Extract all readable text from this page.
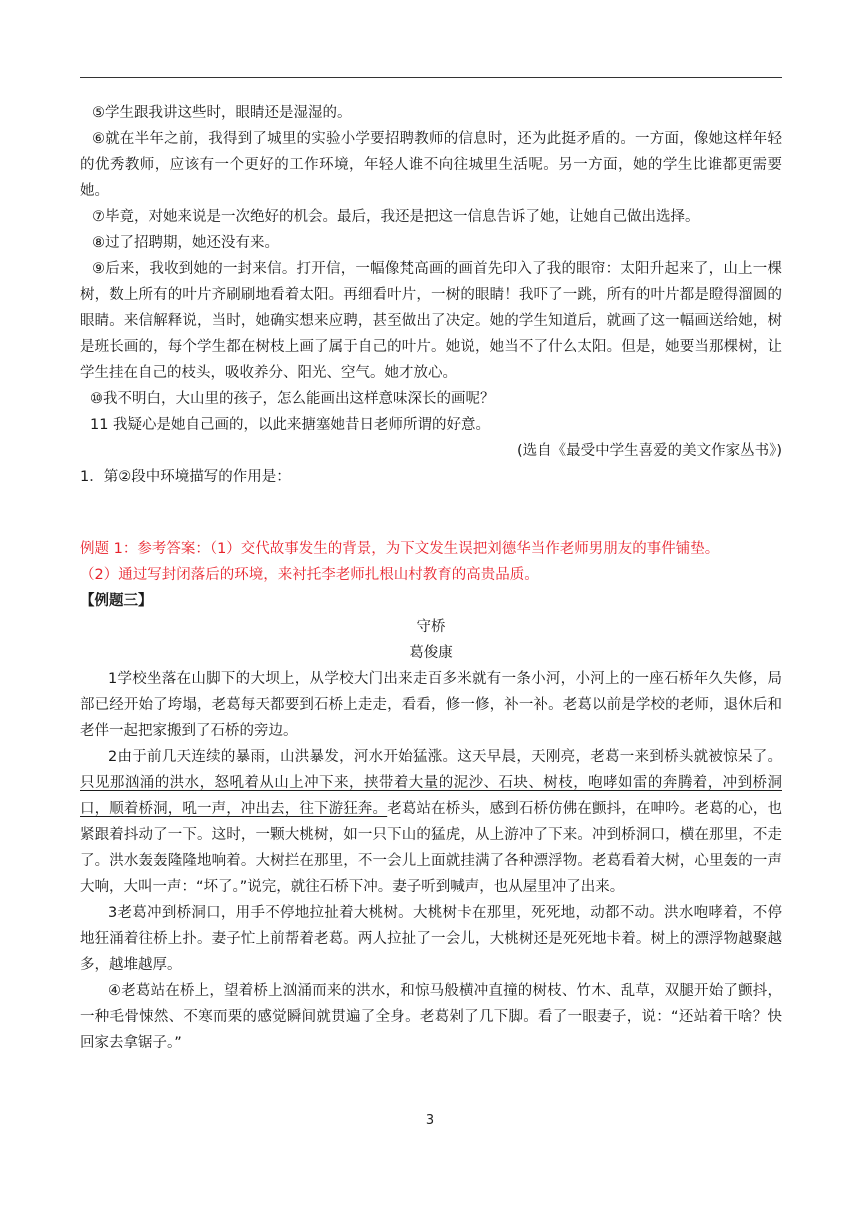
⑤学生跟我讲这些时，眼睛还是湿湿的。

⑥就在半年之前，我得到了城里的实验小学要招聘教师的信息时，还为此挺矛盾的。一方面，像她这样年轻的优秀教师，应该有一个更好的工作环境，年轻人谁不向往城里生活呢。另一方面，她的学生比谁都更需要她。

⑦毕竟，对她来说是一次绝好的机会。最后，我还是把这一信息告诉了她，让她自己做出选择。

⑧过了招聘期，她还没有来。

⑨后来，我收到她的一封来信。打开信，一幅像梵高画的画首先印入了我的眼帘：太阳升起来了，山上一棵树，数上所有的叶片齐刷刷地看着太阳。再细看叶片，一树的眼睛！我吓了一跳，所有的叶片都是瞪得溜圆的眼睛。来信解释说，当时，她确实想来应聘，甚至做出了决定。她的学生知道后，就画了这一幅画送给她，树是班长画的，每个学生都在树枝上画了属于自己的叶片。她说，她当不了什么太阳。但是，她要当那棵树，让学生挂在自己的枝头，吸收养分、阳光、空气。她才放心。

⑩我不明白，大山里的孩子，怎么能画出这样意味深长的画呢？

11 我疑心是她自己画的，以此来搪塞她昔日老师所谓的好意。

(选自《最受中学生喜爱的美文作家丛书》)

1．第②段中环境描写的作用是：

例题 1：参考答案：（1）交代故事发生的背景，为下文发生误把刘德华当作老师男朋友的事件铺垫。

（2）通过写封闭落后的环境，来衬托李老师扎根山村教育的高贵品质。

【例题三】

守桥

葛俊康

1学校坐落在山脚下的大坝上，从学校大门出来走百多米就有一条小河，小河上的一座石桥年久失修，局部已经开始了垮塌，老葛每天都要到石桥上走走，看看，修一修，补一补。老葛以前是学校的老师，退休后和老伴一起把家搬到了石桥的旁边。

2由于前几天连续的暴雨，山洪暴发，河水开始猛涨。这天早晨，天刚亮，老葛一来到桥头就被惊呆了。只见那汹涌的洪水，怒吼着从山上冲下来，挟带着大量的泥沙、石块、树枝，咆哮如雷的奔腾着，冲到桥洞口，顺着桥洞，吼一声，冲出去，往下游狂奔。老葛站在桥头，感到石桥仿佛在颤抖，在呻吟。老葛的心，也紧跟着抖动了一下。这时，一颗大桃树，如一只下山的猛虎，从上游冲了下来。冲到桥洞口，横在那里，不走了。洪水轰轰隆隆地响着。大树拦在那里，不一会儿上面就挂满了各种漂浮物。老葛看着大树，心里轰的一声大响，大叫一声：“坏了。”说完，就往石桥下冲。妻子听到喊声，也从屋里冲了出来。

3老葛冲到桥洞口，用手不停地拉扯着大桃树。大桃树卡在那里，死死地，动都不动。洪水咆哮着，不停地狂涌着往桥上扑。妻子忙上前帮着老葛。两人拉扯了一会儿，大桃树还是死死地卡着。树上的漂浮物越聚越多，越堆越厚。

④老葛站在桥上，望着桥上汹涌而来的洪水，和惊马般横冲直撞的树枝、竹木、乱草，双腿开始了颤抖，一种毛骨悚然、不寒而栗的感觉瞬间就贯遍了全身。老葛剁了几下脚。看了一眼妻子，说：“还站着干啥？快回家去拿锯子。”

3
